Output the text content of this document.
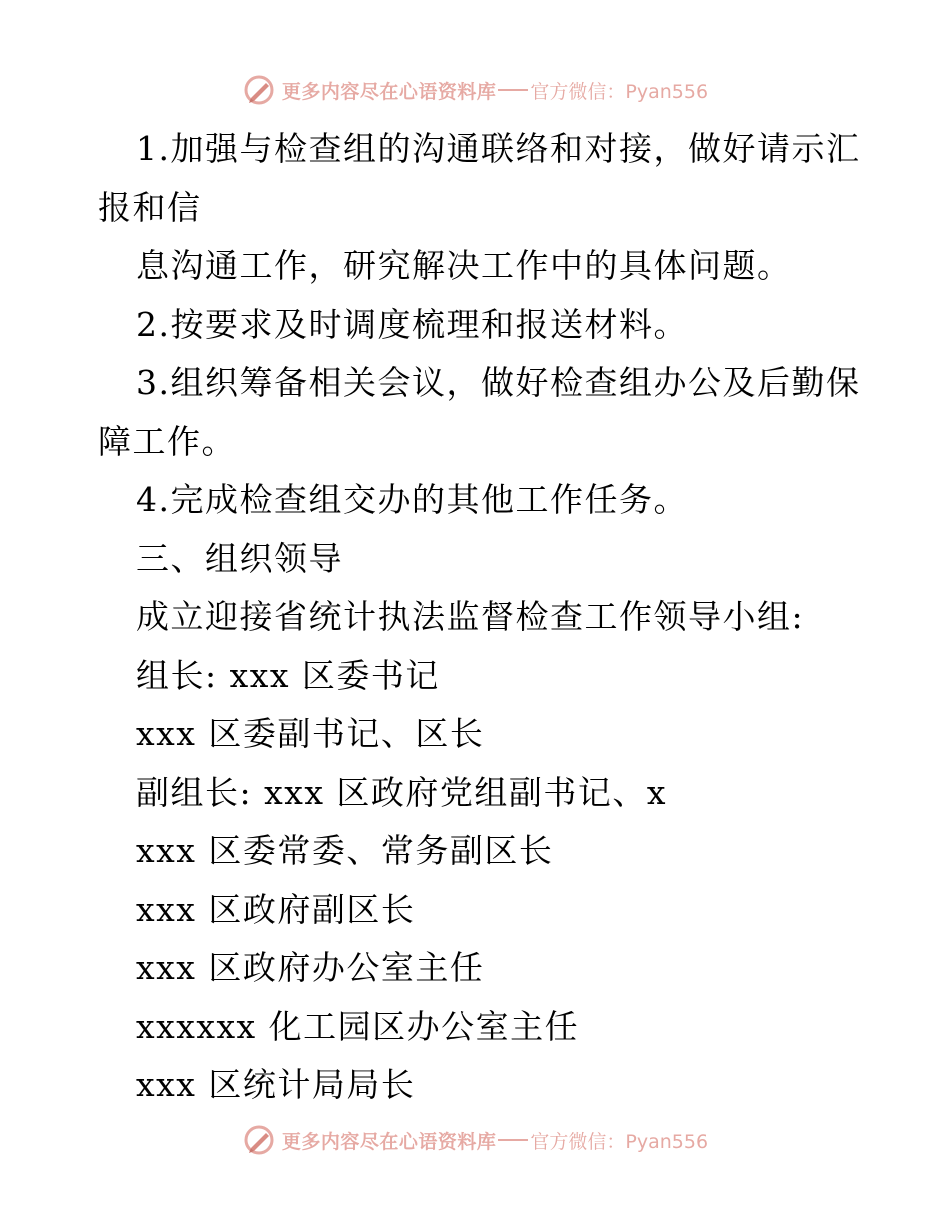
更多内容尽在心语资料库 官方微信：Pyan556
1.加强与检查组的沟通联络和对接，做好请示汇
报和信
息沟通工作，研究解决工作中的具体问题。
2.按要求及时调度梳理和报送材料。
3.组织筹备相关会议，做好检查组办公及后勤保
障工作。
4.完成检查组交办的其他工作任务。
三、组织领导
成立迎接省统计执法监督检查工作领导小组:
组长: xxx 区委书记
xxx 区委副书记、区长
副组长: xxx 区政府党组副书记、x
xxx 区委常委、常务副区长
xxx 区政府副区长
xxx 区政府办公室主任
xxxxxx 化工园区办公室主任
xxx 区统计局局长
更多内容尽在心语资料库 官方微信：Pyan556
